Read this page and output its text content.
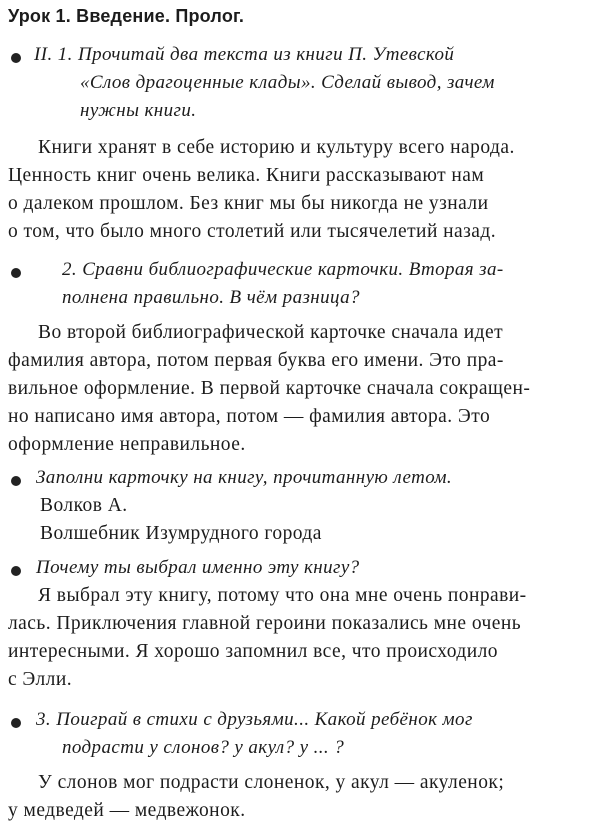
Урок 1. Введение. Пролог.
II. 1. Прочитай два текста из книги П. Утевской
«Слов драгоценные клады». Сделай вывод, зачем
нужны книги.
Книги хранят в себе историю и культуру всего народа.
Ценность книг очень велика. Книги рассказывают нам
о далеком прошлом. Без книг мы бы никогда не узнали
о том, что было много столетий или тысячелетий назад.
2. Сравни библиографические карточки. Вторая за-
полнена правильно. В чём разница?
Во второй библиографической карточке сначала идет
фамилия автора, потом первая буква его имени. Это пра-
вильное оформление. В первой карточке сначала сокращен-
но написано имя автора, потом — фамилия автора. Это
оформление неправильное.
Заполни карточку на книгу, прочитанную летом.
Волков А.
Волшебник Изумрудного города
Почему ты выбрал именно эту книгу?
Я выбрал эту книгу, потому что она мне очень понрави-
лась. Приключения главной героини показались мне очень
интересными. Я хорошо запомнил все, что происходило
с Элли.
3. Поиграй в стихи с друзьями... Какой ребёнок мог
подрасти у слонов? у акул? у ... ?
У слонов мог подрасти слоненок, у акул — акуленок;
у медведей — медвежонок.
